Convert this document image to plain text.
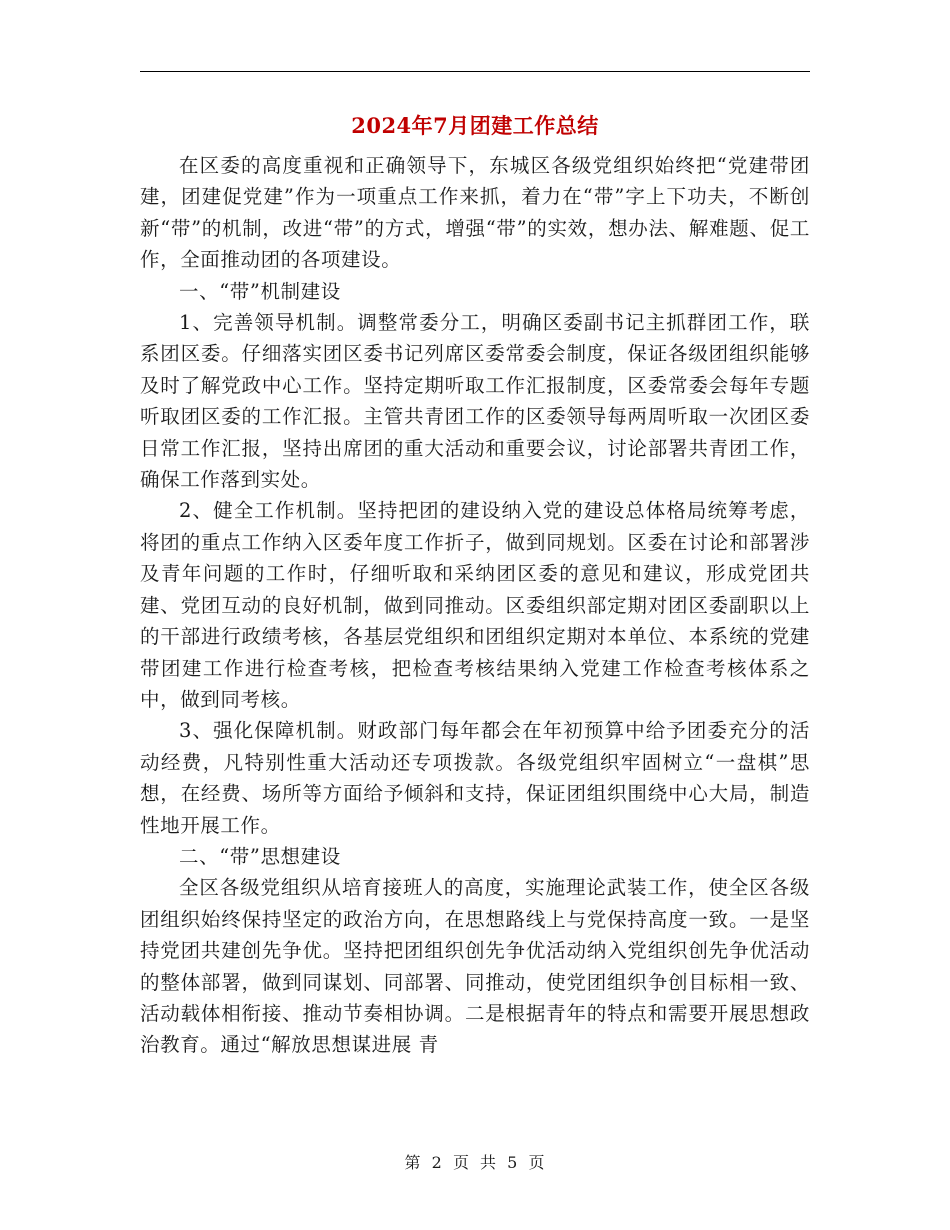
2024年7月团建工作总结

在区委的高度重视和正确领导下，东城区各级党组织始终把“党建带团建，团建促党建”作为一项重点工作来抓，着力在“带”字上下功夫，不断创新“带”的机制，改进“带”的方式，增强“带”的实效，想办法、解难题、促工作，全面推动团的各项建设。

一、“带”机制建设

1、完善领导机制。调整常委分工，明确区委副书记主抓群团工作，联系团区委。仔细落实团区委书记列席区委常委会制度，保证各级团组织能够及时了解党政中心工作。坚持定期听取工作汇报制度，区委常委会每年专题听取团区委的工作汇报。主管共青团工作的区委领导每两周听取一次团区委日常工作汇报，坚持出席团的重大活动和重要会议，讨论部署共青团工作，确保工作落到实处。

2、健全工作机制。坚持把团的建设纳入党的建设总体格局统筹考虑，将团的重点工作纳入区委年度工作折子，做到同规划。区委在讨论和部署涉及青年问题的工作时，仔细听取和采纳团区委的意见和建议，形成党团共建、党团互动的良好机制，做到同推动。区委组织部定期对团区委副职以上的干部进行政绩考核，各基层党组织和团组织定期对本单位、本系统的党建带团建工作进行检查考核，把检查考核结果纳入党建工作检查考核体系之中，做到同考核。

3、强化保障机制。财政部门每年都会在年初预算中给予团委充分的活动经费，凡特别性重大活动还专项拨款。各级党组织牢固树立“一盘棋”思想，在经费、场所等方面给予倾斜和支持，保证团组织围绕中心大局，制造性地开展工作。

二、“带”思想建设

全区各级党组织从培育接班人的高度，实施理论武装工作，使全区各级团组织始终保持坚定的政治方向，在思想路线上与党保持高度一致。一是坚持党团共建创先争优。坚持把团组织创先争优活动纳入党组织创先争优活动的整体部署，做到同谋划、同部署、同推动，使党团组织争创目标相一致、活动载体相衔接、推动节奏相协调。二是根据青年的特点和需要开展思想政治教育。通过“解放思想谋进展 青

第 2 页 共 5 页
